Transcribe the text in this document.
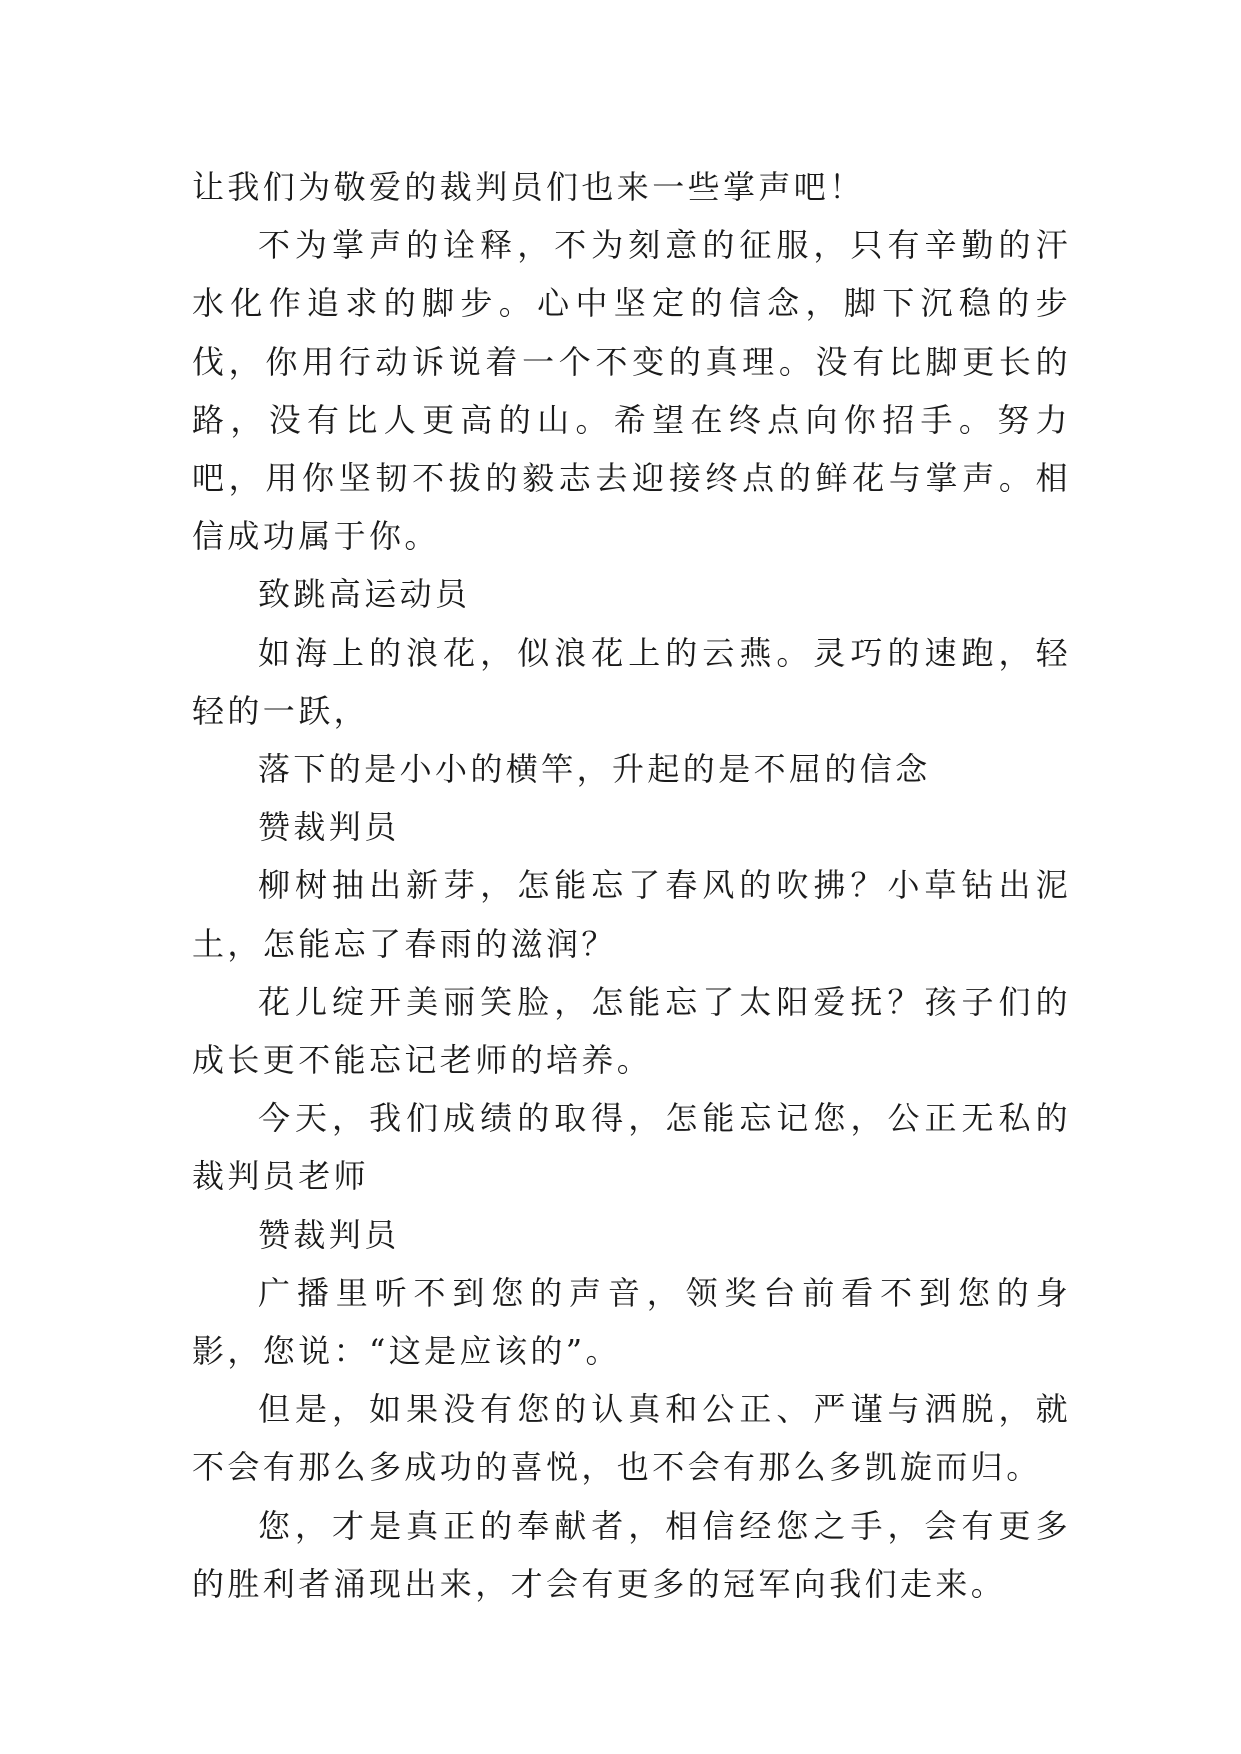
让我们为敬爱的裁判员们也来一些掌声吧！

不为掌声的诠释，不为刻意的征服，只有辛勤的汗水化作追求的脚步。心中坚定的信念，脚下沉稳的步伐，你用行动诉说着一个不变的真理。没有比脚更长的路，没有比人更高的山。希望在终点向你招手。努力吧，用你坚韧不拔的毅志去迎接终点的鲜花与掌声。相信成功属于你。

致跳高运动员

如海上的浪花，似浪花上的云燕。灵巧的速跑，轻轻的一跃，

落下的是小小的横竿，升起的是不屈的信念

赞裁判员

柳树抽出新芽，怎能忘了春风的吹拂？小草钻出泥土，怎能忘了春雨的滋润？

花儿绽开美丽笑脸，怎能忘了太阳爱抚？孩子们的成长更不能忘记老师的培养。

今天，我们成绩的取得，怎能忘记您，公正无私的裁判员老师

赞裁判员

广播里听不到您的声音，领奖台前看不到您的身影，您说：“这是应该的”。

但是，如果没有您的认真和公正、严谨与洒脱，就不会有那么多成功的喜悦，也不会有那么多凯旋而归。

您，才是真正的奉献者，相信经您之手，会有更多的胜利者涌现出来，才会有更多的冠军向我们走来。
